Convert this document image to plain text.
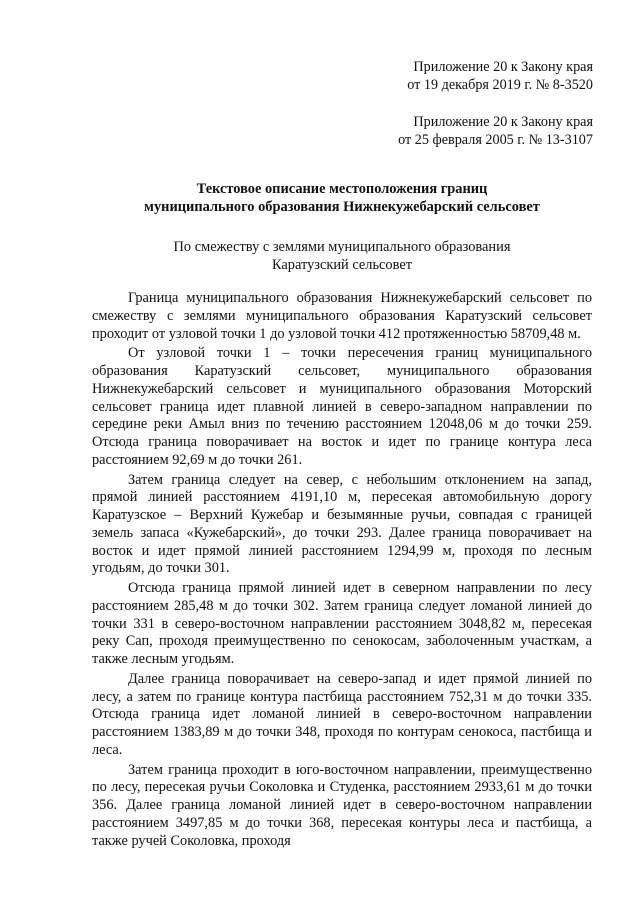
Приложение 20 к Закону края
от 19 декабря 2019 г. № 8-3520
Приложение 20 к Закону края
от 25 февраля 2005 г. № 13-3107
Текстовое описание местоположения границ
муниципального образования Нижнекужебарский сельсовет
По смежеству с землями муниципального образования
Каратузский сельсовет

Граница муниципального образования Нижнекужебарский сельсовет по смежеству с землями муниципального образования Каратузский сельсовет проходит от узловой точки 1 до узловой точки 412 протяженностью 58709,48 м.

От узловой точки 1 – точки пересечения границ муниципального образования Каратузский сельсовет, муниципального образования Нижнекужебарский сельсовет и муниципального образования Моторский сельсовет граница идет плавной линией в северо-западном направлении по середине реки Амыл вниз по течению расстоянием 12048,06 м до точки 259. Отсюда граница поворачивает на восток и идет по границе контура леса расстоянием 92,69 м до точки 261.

Затем граница следует на север, с небольшим отклонением на запад, прямой линией расстоянием 4191,10 м, пересекая автомобильную дорогу Каратузское – Верхний Кужебар и безымянные ручьи, совпадая с границей земель запаса «Кужебарский», до точки 293. Далее граница поворачивает на восток и идет прямой линией расстоянием 1294,99 м, проходя по лесным угодьям, до точки 301.

Отсюда граница прямой линией идет в северном направлении по лесу расстоянием 285,48 м до точки 302. Затем граница следует ломаной линией до точки 331 в северо-восточном направлении расстоянием 3048,82 м, пересекая реку Сап, проходя преимущественно по сенокосам, заболоченным участкам, а также лесным угодьям.

Далее граница поворачивает на северо-запад и идет прямой линией по лесу, а затем по границе контура пастбища расстоянием 752,31 м до точки 335. Отсюда граница идет ломаной линией в северо-восточном направлении расстоянием 1383,89 м до точки 348, проходя по контурам сенокоса, пастбища и леса.

Затем граница проходит в юго-восточном направлении, преимущественно по лесу, пересекая ручьи Соколовка и Студенка, расстоянием 2933,61 м до точки 356. Далее граница ломаной линией идет в северо-восточном направлении расстоянием 3497,85 м до точки 368, пересекая контуры леса и пастбища, а также ручей Соколовка, проходя
